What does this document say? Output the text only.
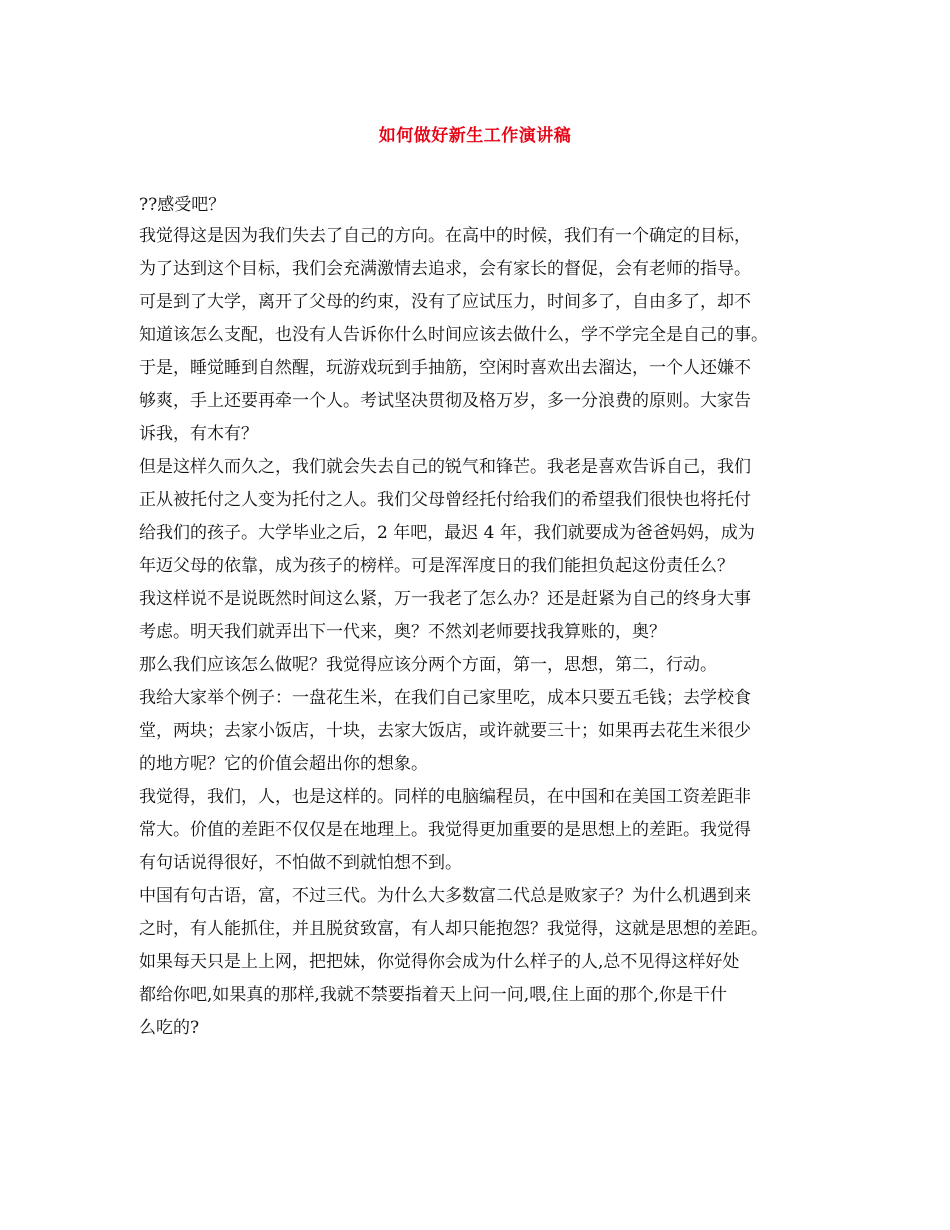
如何做好新生工作演讲稿
??感受吧？
我觉得这是因为我们失去了自己的方向。在高中的时候，我们有一个确定的目标，
为了达到这个目标，我们会充满激情去追求，会有家长的督促，会有老师的指导。
可是到了大学，离开了父母的约束，没有了应试压力，时间多了，自由多了，却不
知道该怎么支配，也没有人告诉你什么时间应该去做什么，学不学完全是自己的事。
于是，睡觉睡到自然醒，玩游戏玩到手抽筋，空闲时喜欢出去溜达，一个人还嫌不
够爽，手上还要再牵一个人。考试坚决贯彻及格万岁，多一分浪费的原则。大家告
诉我，有木有？
但是这样久而久之，我们就会失去自己的锐气和锋芒。我老是喜欢告诉自己，我们
正从被托付之人变为托付之人。我们父母曾经托付给我们的希望我们很快也将托付
给我们的孩子。大学毕业之后，2 年吧，最迟 4 年，我们就要成为爸爸妈妈，成为
年迈父母的依靠，成为孩子的榜样。可是浑浑度日的我们能担负起这份责任么？
我这样说不是说既然时间这么紧，万一我老了怎么办？还是赶紧为自己的终身大事
考虑。明天我们就弄出下一代来，奥？不然刘老师要找我算账的，奥？
那么我们应该怎么做呢？我觉得应该分两个方面，第一，思想，第二，行动。
我给大家举个例子：一盘花生米，在我们自己家里吃，成本只要五毛钱；去学校食
堂，两块；去家小饭店，十块，去家大饭店，或许就要三十；如果再去花生米很少
的地方呢？它的价值会超出你的想象。
我觉得，我们，人，也是这样的。同样的电脑编程员，在中国和在美国工资差距非
常大。价值的差距不仅仅是在地理上。我觉得更加重要的是思想上的差距。我觉得
有句话说得很好，不怕做不到就怕想不到。
中国有句古语，富，不过三代。为什么大多数富二代总是败家子？为什么机遇到来
之时，有人能抓住，并且脱贫致富，有人却只能抱怨？我觉得，这就是思想的差距。
如果每天只是上上网，把把妹，你觉得你会成为什么样子的人,总不见得这样好处
都给你吧,如果真的那样,我就不禁要指着天上问一问,喂,住上面的那个,你是干什
么吃的?
